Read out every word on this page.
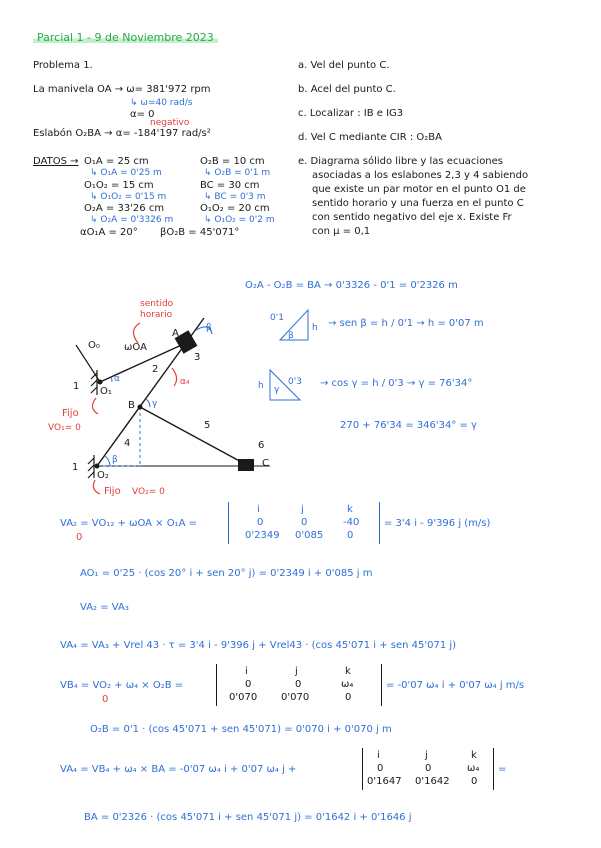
Parcial 1 - 9 de Noviembre 2023
Problema 1.
La manivela OA → ω= 381'972 rpm
↳ ω=40 rad/s
α= 0
negativo
Eslabón O₂BA → α= -184'197 rad/s²
DATOS → O₁A = 25 cm
↳ O₁A = 0'25 m
O₁O₂ = 15 cm
↳ O₁O₂ = 0'15 m
O₂A = 33'26 cm
↳ O₂A = 0'3326 m
αO₁A = 20° βO₂B = 45'071°
O₂B = 10 cm
↳ O₂B = 0'1 m
BC = 30 cm
↳ BC = 0'3 m
O₁O₂ = 20 cm
↳ O₁O₂ = 0'2 m
a. Vel del punto C.
b. Acel del punto C.
c. Localizar : IB e IG3
d. Vel C mediante CIR : O₂BA
e. Diagrama sólido libre y las ecuaciones
asociadas a los eslabones 2,3 y 4 sabiendo
que existe un par motor en el punto O1 de
sentido horario y una fuerza en el punto C
con sentido negativo del eje x. Existe Fr
con μ = 0,1
O₀ ωOA
sentido
horario
A
B
C
O₁
O₂
1
1
2
3
4
5
6
α₄
Fijo
VO₁= 0
Fijo VO₂= 0
α
β
β
γ
O₂A - O₂B = BA → 0'3326 - 0'1 = 0'2326 m
0'1
h
β
→ sen β = h / 0'1 → h = 0'07 m
h	0'3
γ
→ cos γ = h / 0'3 → γ = 76'34°
270 + 76'34 = 346'34° = γ
VA₂ = VO₁₂ + ωOA × O₁A =
0
i	j	k
0	0	-40
0'2349 0'085 0
= 3'4 i - 9'396 j (m/s)
AO₁ = 0'25 · (cos 20° i + sen 20° j) = 0'2349 i + 0'085 j m
VA₂ = VA₃
VA₄ = VA₃ + Vrel 43 · τ = 3'4 i - 9'396 j + Vrel43 · (cos 45'071 i + sen 45'071 j)
VB₄ = VO₂ + ω₄ × O₂B =
0
i	j	k
0	0	ω₄
0'070 0'070	0
= -0'07 ω₄ i + 0'07 ω₄ j m/s
O₂B = 0'1 · (cos 45'071 + sen 45'071) = 0'070 i + 0'070 j m
VA₄ = VB₄ + ω₄ × BA = -0'07 ω₄ i + 0'07 ω₄ j +
i	j	k
0	0	ω₄
0'1647 0'1642 0
=
BA = 0'2326 · (cos 45'071 i + sen 45'071 j) = 0'1642 i + 0'1646 j
